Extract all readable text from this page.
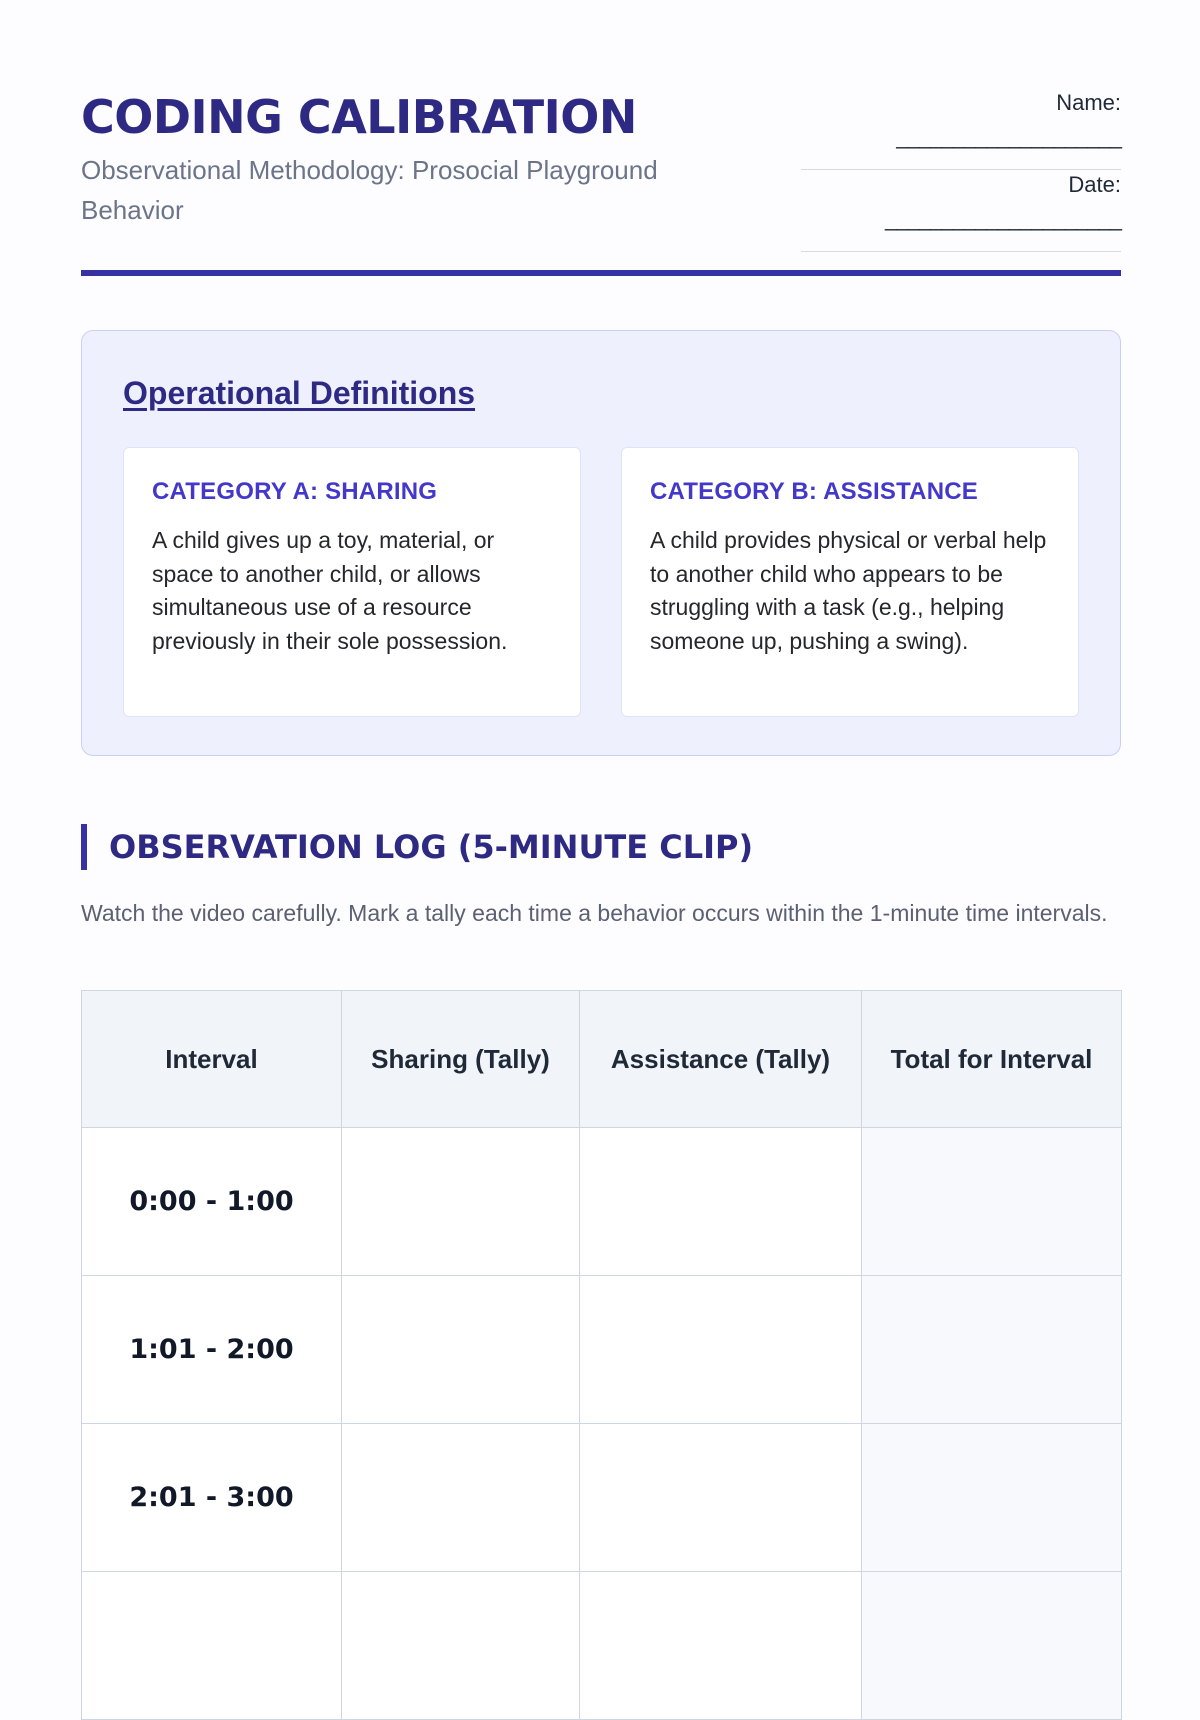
CODING CALIBRATION
Observational Methodology: Prosocial Playground Behavior
Name:
____________________
Date:
_____________________
Operational Definitions
CATEGORY A: SHARING
A child gives up a toy, material, or space to another child, or allows simultaneous use of a resource previously in their sole possession.
CATEGORY B: ASSISTANCE
A child provides physical or verbal help to another child who appears to be struggling with a task (e.g., helping someone up, pushing a swing).
OBSERVATION LOG (5-MINUTE CLIP)
Watch the video carefully. Mark a tally each time a behavior occurs within the 1-minute time intervals.
Interval	Sharing (Tally)	Assistance (Tally)	Total for Interval
0:00 - 1:00			
1:01 - 2:00			
2:01 - 3:00			
